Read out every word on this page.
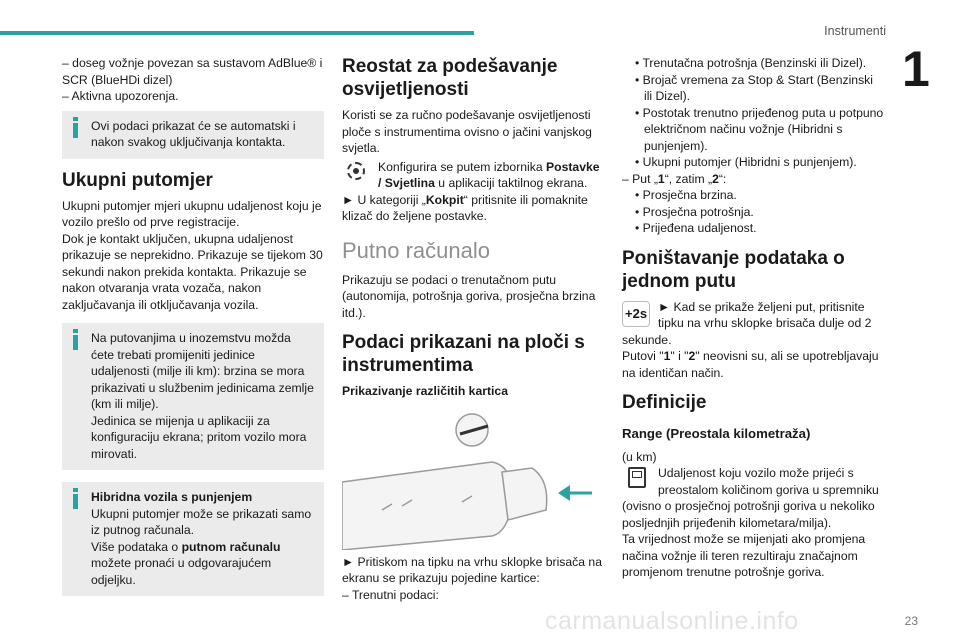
Instrumenti
1

– doseg vožnje povezan sa sustavom AdBlue® i SCR (BlueHDi dizel)

– Aktivna upozorenja.

Ovi podaci prikazat će se automatski i nakon svakog uključivanja kontakta.

Ukupni putomjer

Ukupni putomjer mjeri ukupnu udaljenost koju je vozilo prešlo od prve registracije.
Dok je kontakt uključen, ukupna udaljenost prikazuje se neprekidno. Prikazuje se tijekom 30 sekundi nakon prekida kontakta. Prikazuje se nakon otvaranja vrata vozača, nakon zaključavanja ili otključavanja vozila.

Na putovanjima u inozemstvu možda ćete trebati promijeniti jedinice udaljenosti (milje ili km): brzina se mora prikazivati u službenim jedinicama zemlje (km ili milje).
Jedinica se mijenja u aplikaciji za konfiguraciju ekrana; pritom vozilo mora mirovati.

Hibridna vozila s punjenjem

Ukupni putomjer može se prikazati samo iz putnog računala.
Više podataka o putnom računalu možete pronaći u odgovarajućem odjeljku.

Reostat za podešavanje osvijetljenosti

Koristi se za ručno podešavanje osvijetljenosti ploče s instrumentima ovisno o jačini vanjskog svjetla.

Konfigurira se putem izbornika Postavke / Svjetlina u aplikaciji taktilnog ekrana.

► U kategoriji „Kokpit“ pritisnite ili pomaknite klizač do željene postavke.

Putno računalo

Prikazuju se podaci o trenutačnom putu (autonomija, potrošnja goriva, prosječna brzina itd.).

Podaci prikazani na ploči s instrumentima

Prikazivanje različitih kartica

► Pritiskom na tipku na vrhu sklopke brisača na ekranu se prikazuju pojedine kartice:

– Trenutni podaci:

• Trenutačna potrošnja (Benzinski ili Dizel).

• Brojač vremena za Stop & Start (Benzinski ili Dizel).

• Postotak trenutno prijeđenog puta u potpuno električnom načinu vožnje (Hibridni s punjenjem).

• Ukupni putomjer (Hibridni s punjenjem).

– Put „1“, zatim „2“:

• Prosječna brzina.

• Prosječna potrošnja.

• Prijeđena udaljenost.

Poništavanje podataka o jednom putu
+2s ► Kad se prikaže željeni put, pritisnite tipku na vrhu sklopke brisača dulje od 2 sekunde.

Putovi "1" i "2" neovisni su, ali se upotrebljavaju na identičan način.

Definicije
Range (Preostala kilometraža)

(u km)

Udaljenost koju vozilo može prijeći s preostalom količinom goriva u spremniku (ovisno o prosječnoj potrošnji goriva u nekoliko posljednjih prijeđenih kilometara/milja).
Ta vrijednost može se mijenjati ako promjena načina vožnje ili teren rezultiraju značajnom promjenom trenutne potrošnje goriva.

carmanualsonline.info	23
